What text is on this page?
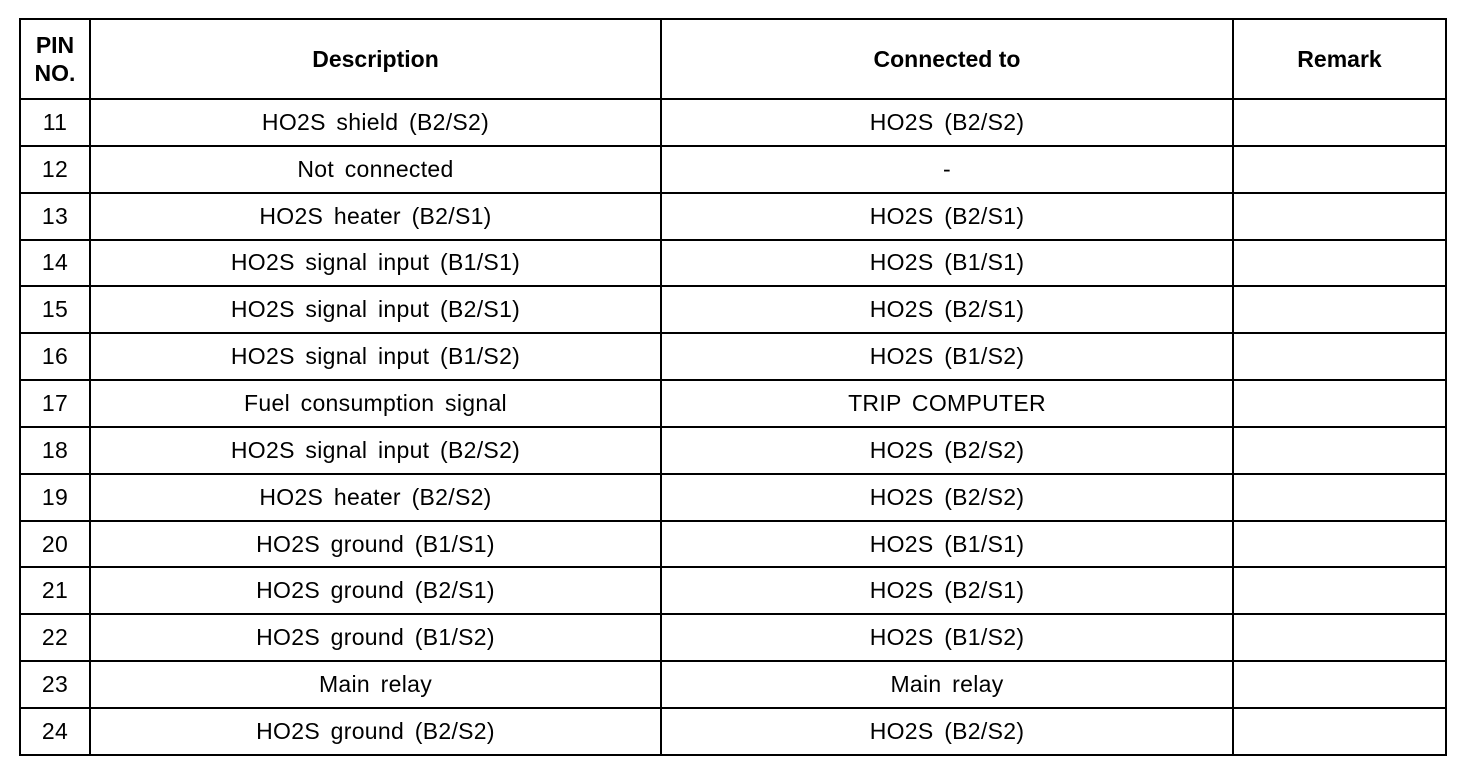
PIN
NO.	Description	Connected to	Remark
11	HO2S shield (B2/S2)	HO2S (B2/S2)	
12	Not connected	-	
13	HO2S heater (B2/S1)	HO2S (B2/S1)	
14	HO2S signal input (B1/S1)	HO2S (B1/S1)	
15	HO2S signal input (B2/S1)	HO2S (B2/S1)	
16	HO2S signal input (B1/S2)	HO2S (B1/S2)	
17	Fuel consumption signal	TRIP COMPUTER	
18	HO2S signal input (B2/S2)	HO2S (B2/S2)	
19	HO2S heater (B2/S2)	HO2S (B2/S2)	
20	HO2S ground (B1/S1)	HO2S (B1/S1)	
21	HO2S ground (B2/S1)	HO2S (B2/S1)	
22	HO2S ground (B1/S2)	HO2S (B1/S2)	
23	Main relay	Main relay	
24	HO2S ground (B2/S2)	HO2S (B2/S2)	
